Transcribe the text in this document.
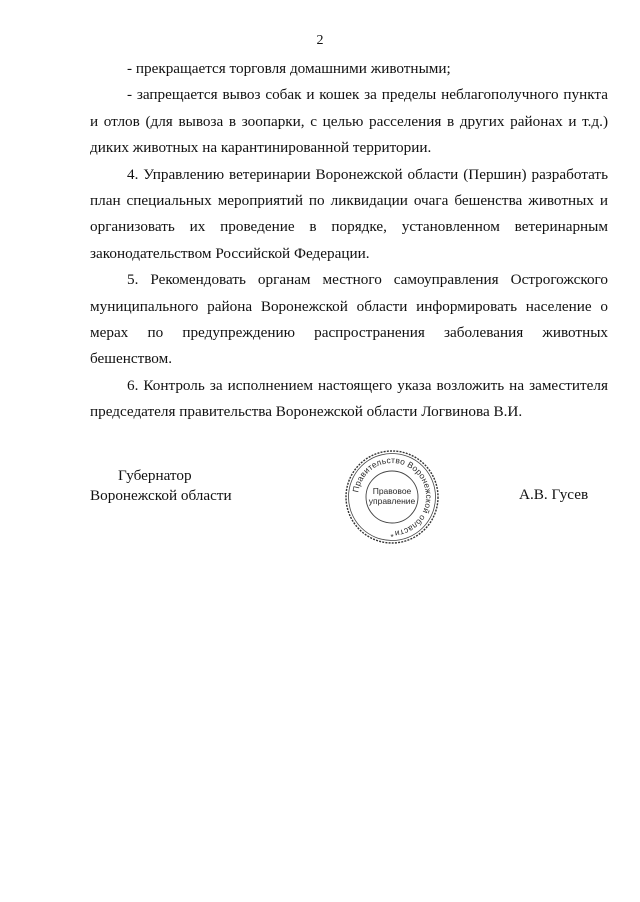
2

- прекращается торговля домашними животными;

- запрещается вывоз собак и кошек за пределы неблагополучного пункта и отлов (для вывоза в зоопарки, с целью расселения в других районах и т.д.) диких животных на карантинированной территории.

4. Управлению ветеринарии Воронежской области (Першин) разработать план специальных мероприятий по ликвидации очага бешенства животных и организовать их проведение в порядке, установленном ветеринарным законодательством Российской Федерации.

5. Рекомендовать органам местного самоуправления Острогожского муниципального района Воронежской области информировать население о мерах по предупреждению распространения заболевания животных бешенством.

6. Контроль за исполнением настоящего указа возложить на заместителя председателя правительства Воронежской области Логвинова В.И.

Губернатор
Воронежской области	Правительство Воронежской области
*
Правовое
управление	А.В. Гусев
